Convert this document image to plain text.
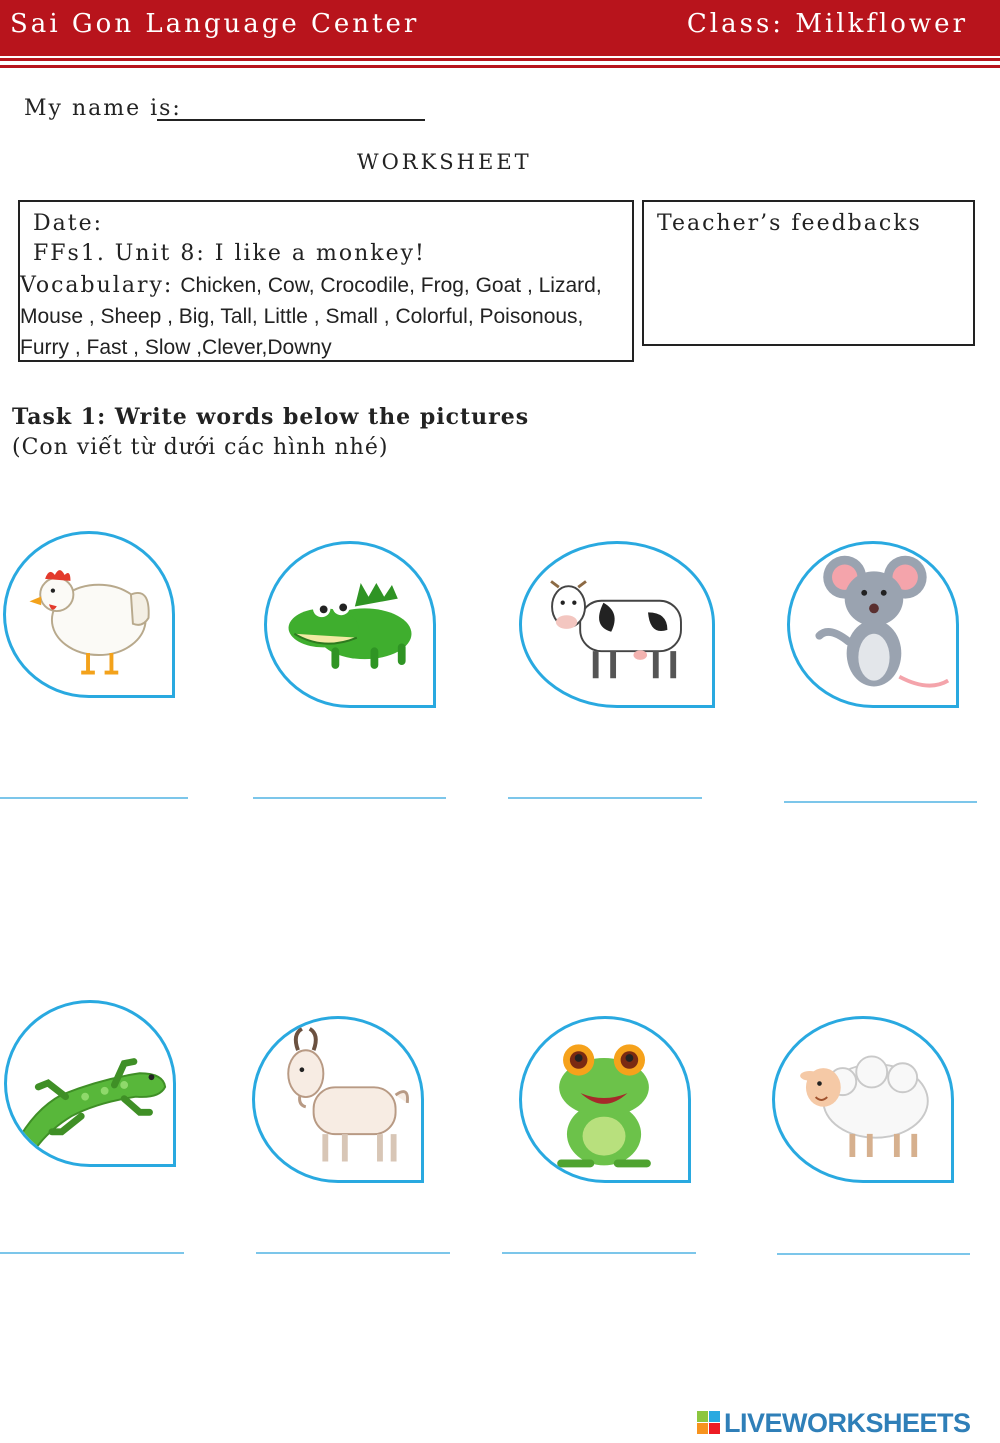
Sai Gon Language Center	Class: Milkflower
My name is:
WORKSHEET
Date:
FFs1. Unit 8: I like a monkey!
Vocabulary: Chicken, Cow, Crocodile, Frog, Goat , Lizard, Mouse , Sheep , Big, Tall, Little , Small , Colorful, Poisonous, Furry , Fast , Slow ,Clever,Downy
Teacher’s feedbacks
Task 1: Write words below the pictures
(Con viết từ dưới các hình nhé)
LIVEWORKSHEETS
